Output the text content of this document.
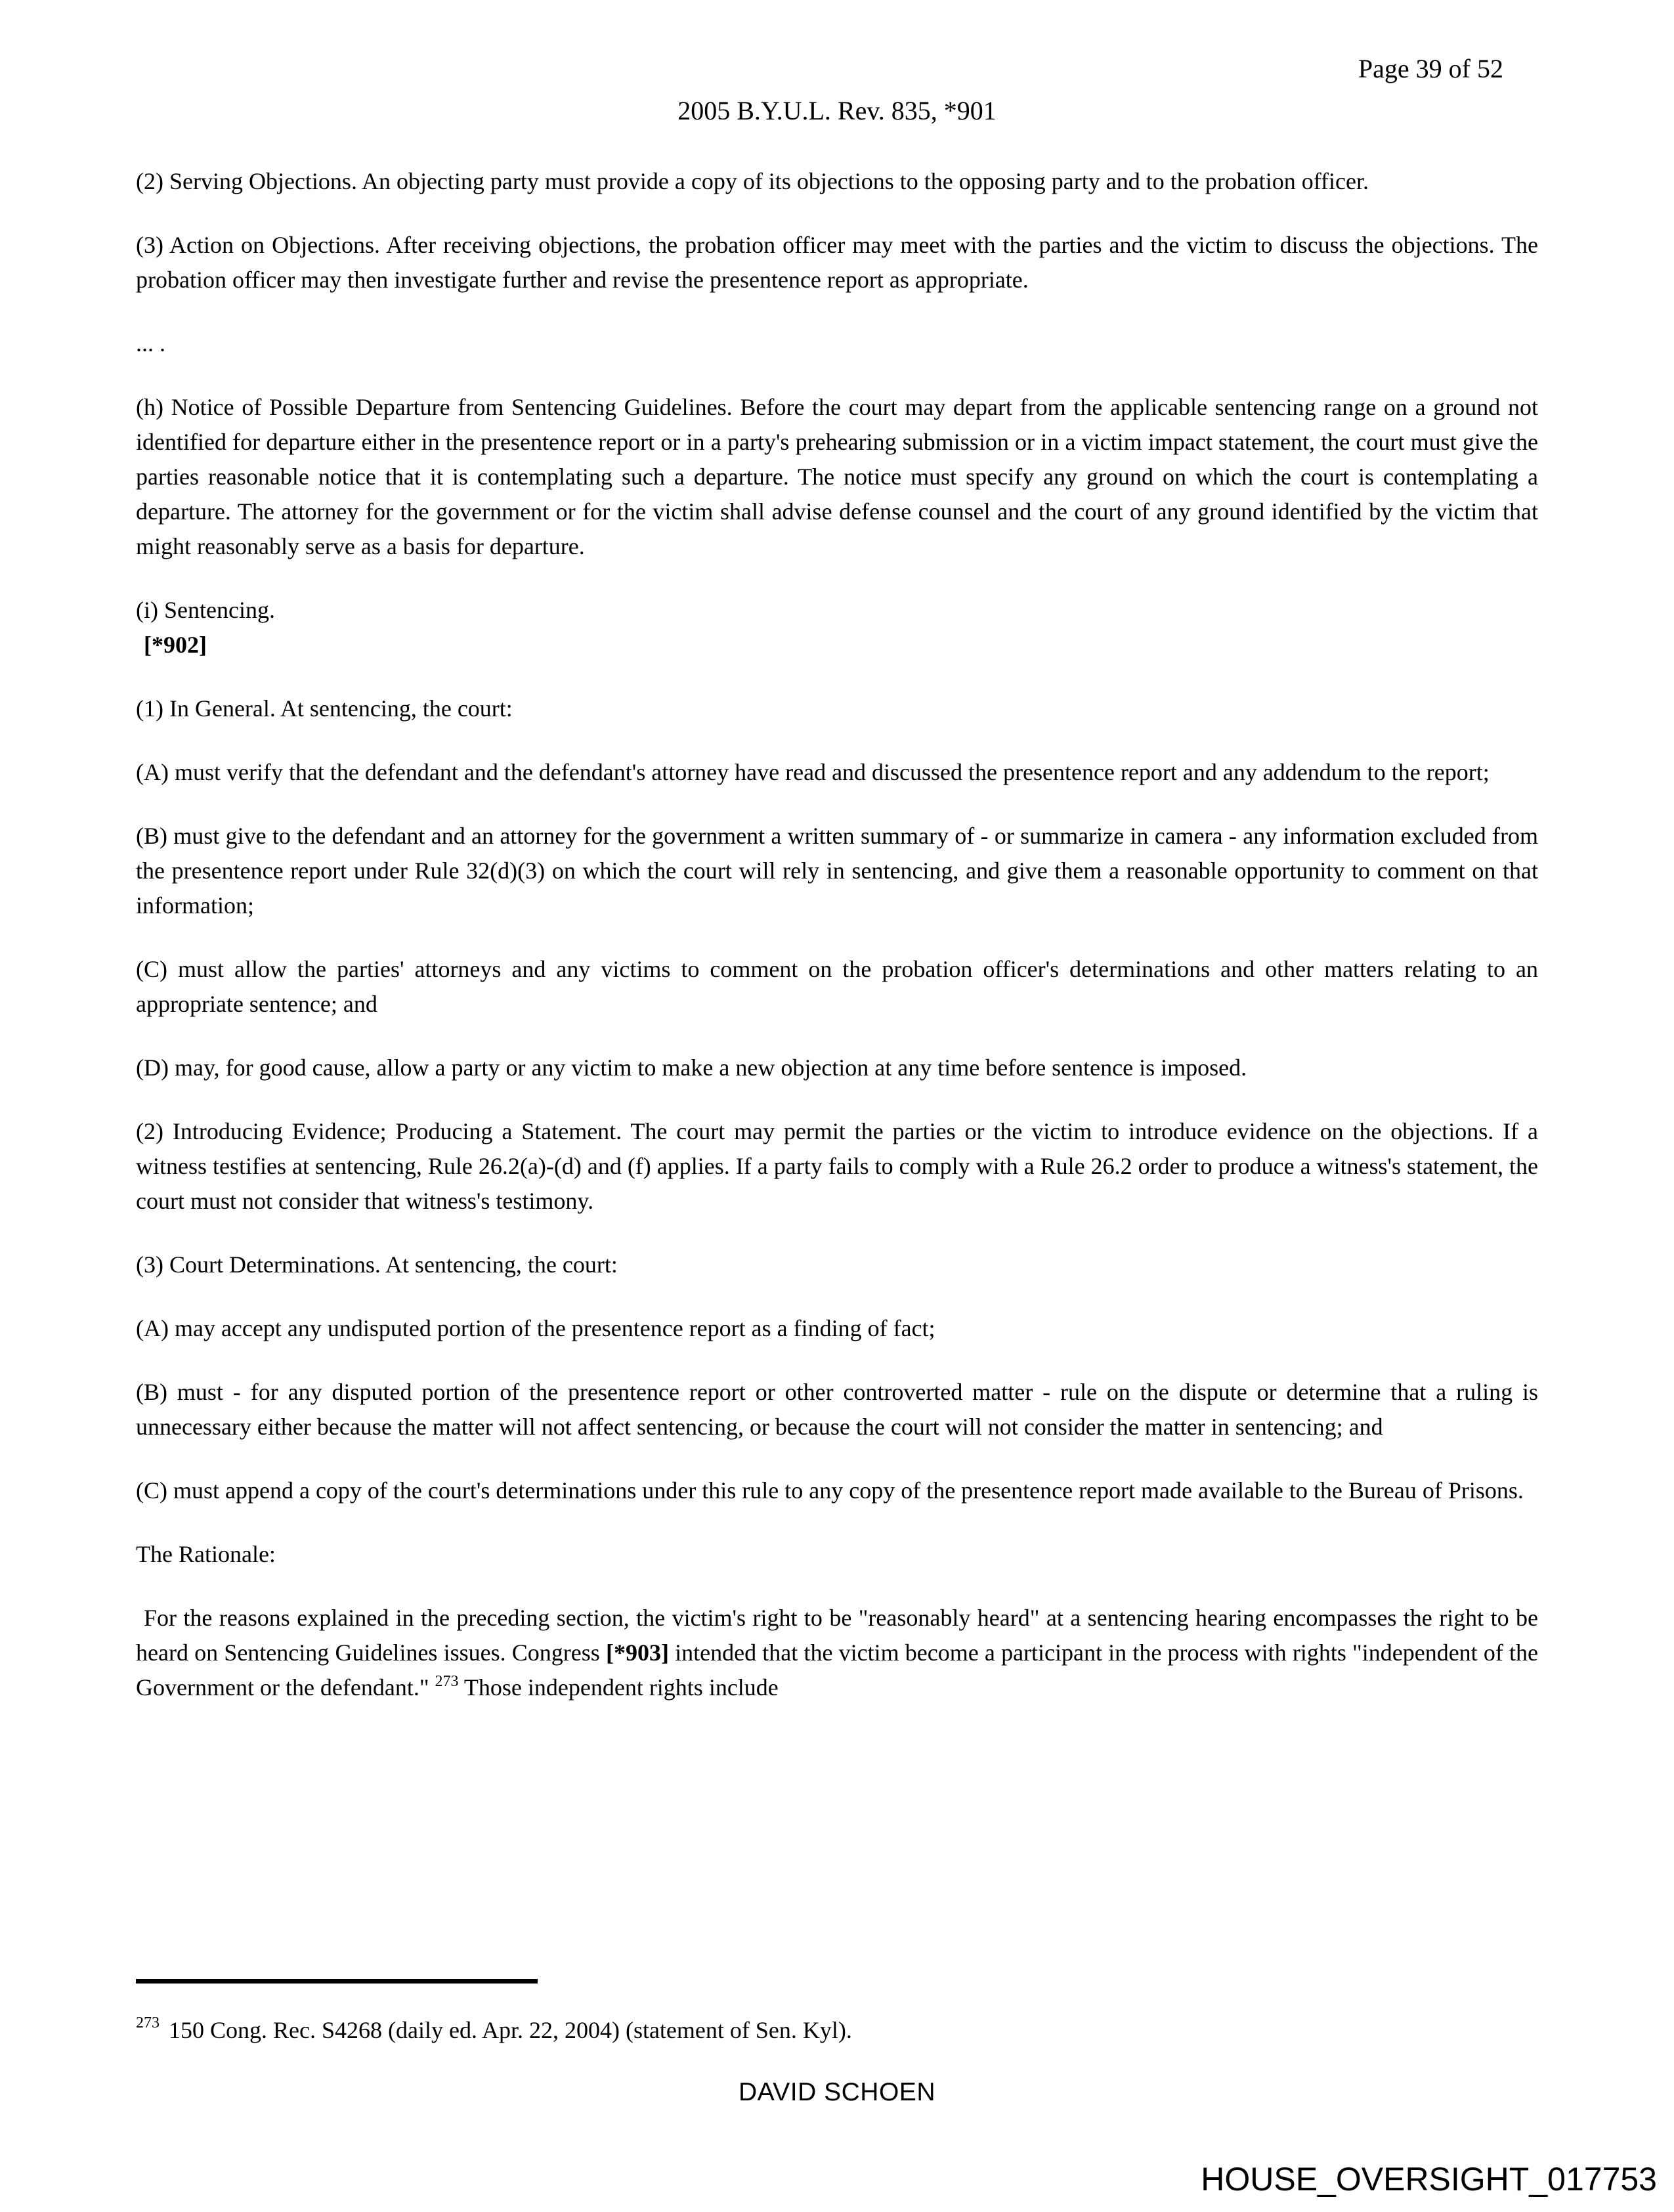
Page 39 of 52
2005 B.Y.U.L. Rev. 835, *901

(2) Serving Objections. An objecting party must provide a copy of its objections to the opposing party and to the probation officer.

(3) Action on Objections. After receiving objections, the probation officer may meet with the parties and the victim to discuss the objections. The probation officer may then investigate further and revise the presentence report as appropriate.

... .

(h) Notice of Possible Departure from Sentencing Guidelines. Before the court may depart from the applicable sentencing range on a ground not identified for departure either in the presentence report or in a party's prehearing submission or in a victim impact statement, the court must give the parties reasonable notice that it is contemplating such a departure. The notice must specify any ground on which the court is contemplating a departure. The attorney for the government or for the victim shall advise defense counsel and the court of any ground identified by the victim that might reasonably serve as a basis for departure.

(i) Sentencing.

[*902]

(1) In General. At sentencing, the court:

(A) must verify that the defendant and the defendant's attorney have read and discussed the presentence report and any addendum to the report;

(B) must give to the defendant and an attorney for the government a written summary of - or summarize in camera - any information excluded from the presentence report under Rule 32(d)(3) on which the court will rely in sentencing, and give them a reasonable opportunity to comment on that information;

(C) must allow the parties' attorneys and any victims to comment on the probation officer's determinations and other matters relating to an appropriate sentence; and

(D) may, for good cause, allow a party or any victim to make a new objection at any time before sentence is imposed.

(2) Introducing Evidence; Producing a Statement. The court may permit the parties or the victim to introduce evidence on the objections. If a witness testifies at sentencing, Rule 26.2(a)-(d) and (f) applies. If a party fails to comply with a Rule 26.2 order to produce a witness's statement, the court must not consider that witness's testimony.

(3) Court Determinations. At sentencing, the court:

(A) may accept any undisputed portion of the presentence report as a finding of fact;

(B) must - for any disputed portion of the presentence report or other controverted matter - rule on the dispute or determine that a ruling is unnecessary either because the matter will not affect sentencing, or because the court will not consider the matter in sentencing; and

(C) must append a copy of the court's determinations under this rule to any copy of the presentence report made available to the Bureau of Prisons.

The Rationale:

For the reasons explained in the preceding section, the victim's right to be "reasonably heard" at a sentencing hearing encompasses the right to be heard on Sentencing Guidelines issues. Congress [*903] intended that the victim become a participant in the process with rights "independent of the Government or the defendant." $^{273}$ Those independent rights include

$^{273}$ 150 Cong. Rec. S4268 (daily ed. Apr. 22, 2004) (statement of Sen. Kyl).
DAVID SCHOEN
HOUSE_OVERSIGHT_017753
